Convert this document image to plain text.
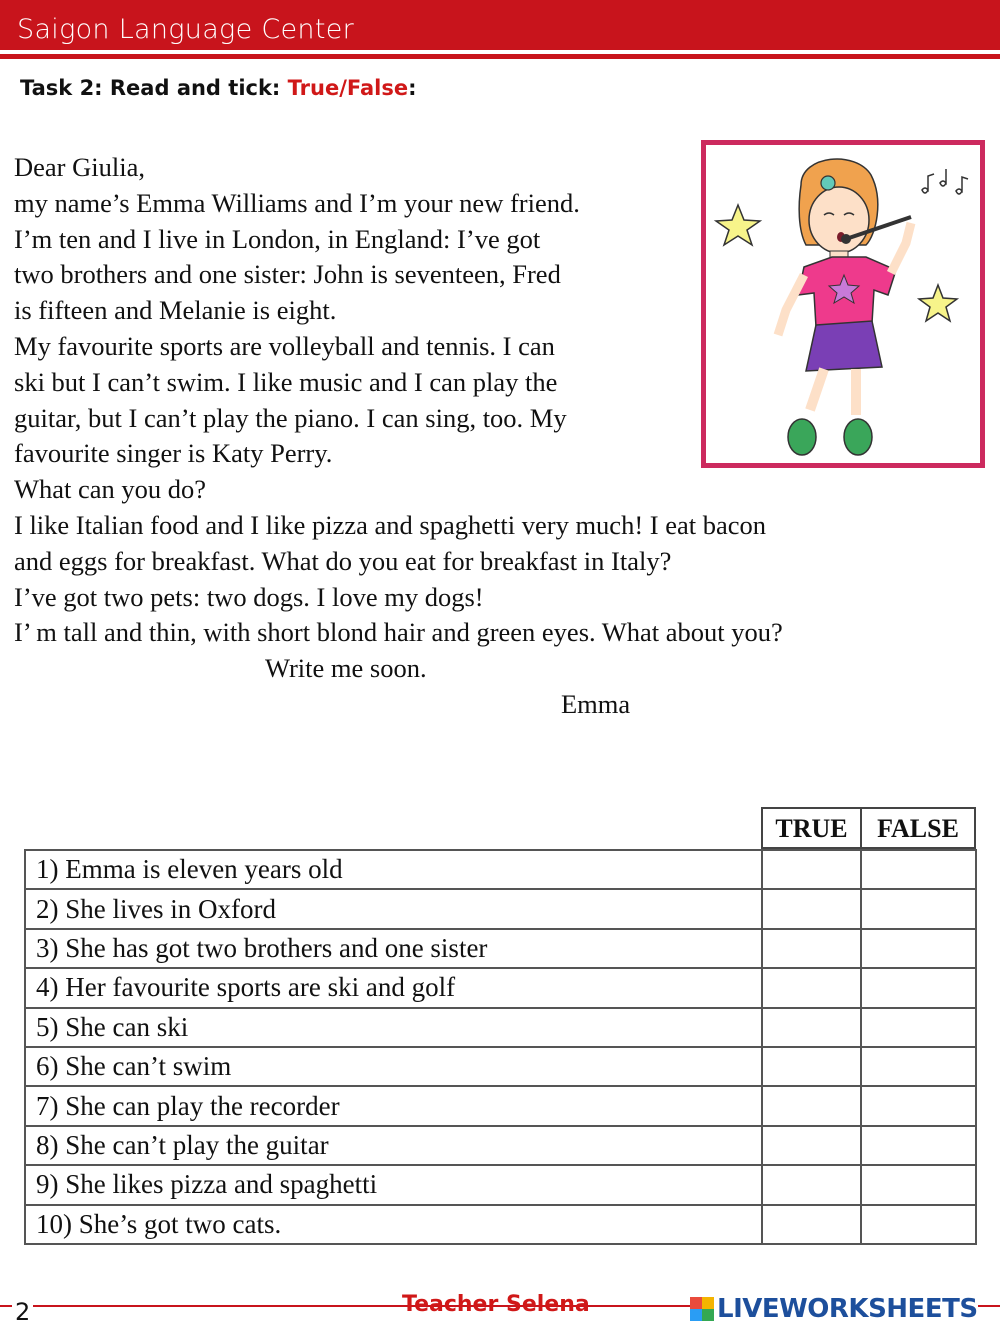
Saigon Language Center
Task 2: Read and tick: True/False:
Dear Giulia,
my name’s Emma Williams and I’m your new friend.
I’m ten and I live in London, in England: I’ve got
two brothers and one sister: John is seventeen, Fred
is fifteen and Melanie is eight.
My favourite sports are volleyball and tennis. I can
ski but I can’t swim. I like music and I can play the
guitar, but I can’t play the piano. I can sing, too. My
favourite singer is Katy Perry.
What can you do?
I like Italian food and I like pizza and spaghetti very much! I eat bacon
and eggs for breakfast. What do you eat for breakfast in Italy?
I’ve got two pets: two dogs. I love my dogs!
I’ m tall and thin, with short blond hair and green eyes. What about you?
Write me soon.
Emma
TRUE	FALSE
1) Emma is eleven years old		
2) She lives in Oxford		
3) She has got two brothers and one sister		
4) Her favourite sports are ski and golf		
5) She can ski		
6) She can’t swim		
7) She can play the recorder		
8) She can’t play the guitar		
9) She likes pizza and spaghetti		
10) She’s got two cats.		
2	Teacher Selena	LIVEWORKSHEETS
